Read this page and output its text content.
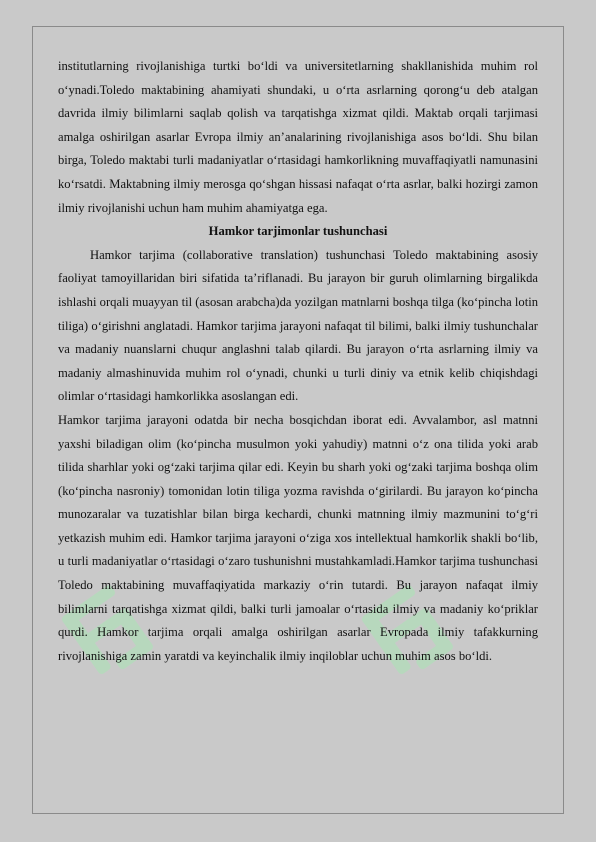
institutlarning rivojlanishiga turtki bo‘ldi va universitetlarning shakllanishida muhim rol o‘ynadi.Toledo maktabining ahamiyati shundaki, u o‘rta asrlarning qorong‘u deb atalgan davrida ilmiy bilimlarni saqlab qolish va tarqatishga xizmat qildi. Maktab orqali tarjimasi amalga oshirilgan asarlar Evropa ilmiy an’analarining rivojlanishiga asos bo‘ldi. Shu bilan birga, Toledo maktabi turli madaniyatlar o‘rtasidagi hamkorlikning muvaffaqiyatli namunasini ko‘rsatdi. Maktabning ilmiy merosga qo‘shgan hissasi nafaqat o‘rta asrlar, balki hozirgi zamon ilmiy rivojlanishi uchun ham muhim ahamiyatga ega.

Hamkor tarjimonlar tushunchasi

Hamkor tarjima (collaborative translation) tushunchasi Toledo maktabining asosiy faoliyat tamoyillaridan biri sifatida ta’riflanadi. Bu jarayon bir guruh olimlarning birgalikda ishlashi orqali muayyan til (asosan arabcha)da yozilgan matnlarni boshqa tilga (ko‘pincha lotin tiliga) o‘girishni anglatadi. Hamkor tarjima jarayoni nafaqat til bilimi, balki ilmiy tushunchalar va madaniy nuanslarni chuqur anglashni talab qilardi. Bu jarayon o‘rta asrlarning ilmiy va madaniy almashinuvida muhim rol o‘ynadi, chunki u turli diniy va etnik kelib chiqishdagi olimlar o‘rtasidagi hamkorlikka asoslangan edi.

Hamkor tarjima jarayoni odatda bir necha bosqichdan iborat edi. Avvalambor, asl matnni yaxshi biladigan olim (ko‘pincha musulmon yoki yahudiy) matnni o‘z ona tilida yoki arab tilida sharhlar yoki og‘zaki tarjima qilar edi. Keyin bu sharh yoki og‘zaki tarjima boshqa olim (ko‘pincha nasroniy) tomonidan lotin tiliga yozma ravishda o‘girilardi. Bu jarayon ko‘pincha munozaralar va tuzatishlar bilan birga kechardi, chunki matnning ilmiy mazmunini to‘g‘ri yetkazish muhim edi. Hamkor tarjima jarayoni o‘ziga xos intellektual hamkorlik shakli bo‘lib, u turli madaniyatlar o‘rtasidagi o‘zaro tushunishni mustahkamladi.Hamkor tarjima tushunchasi Toledo maktabining muvaffaqiyatida markaziy o‘rin tutardi. Bu jarayon nafaqat ilmiy bilimlarni tarqatishga xizmat qildi, balki turli jamoalar o‘rtasida ilmiy va madaniy ko‘priklar qurdi. Hamkor tarjima orqali amalga oshirilgan asarlar Evropada ilmiy tafakkurning rivojlanishiga zamin yaratdi va keyinchalik ilmiy inqiloblar uchun muhim asos bo‘ldi.
